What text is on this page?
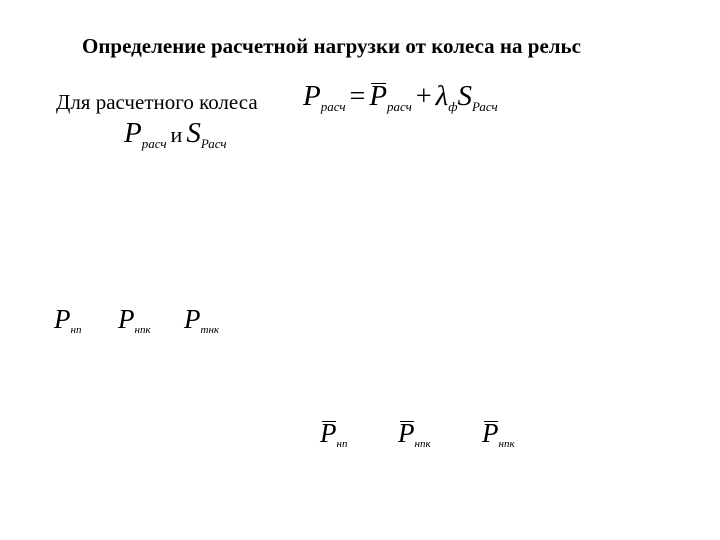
Определение расчетной нагрузки от колеса на рельс
Для расчетного колеса $P_{расч} = P_{расч} + \lambda_фS_{Расч}$
$P_{расч}$ и $S_{Расч}$
$P_{нп}$ $P_{нпк}$ $P_{тнк}$
$P_{нп}$ $P_{нпк}$ $P_{нпк}$
